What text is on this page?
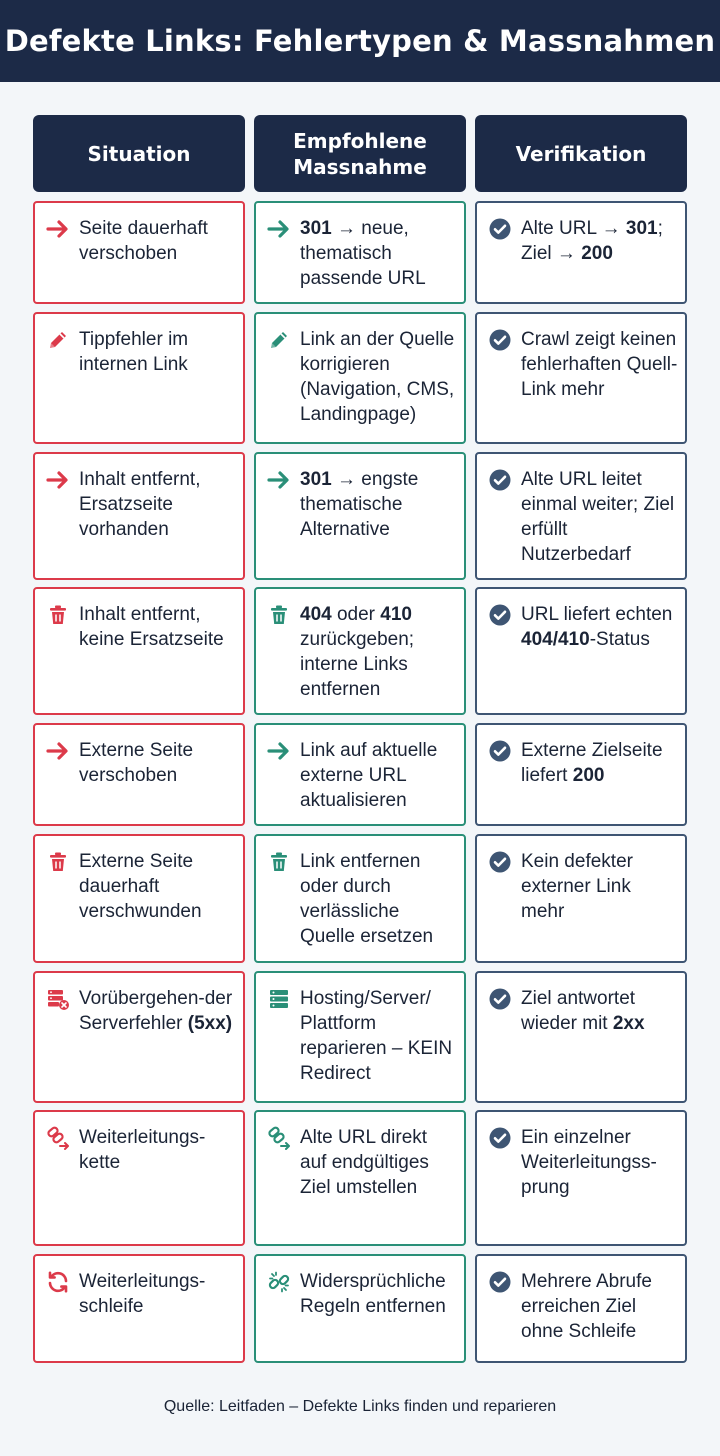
Defekte Links: Fehlertypen & Massnahmen
Situation
Empfohlene Massnahme
Verifikation
Seite dauerhaft verschoben
301 → neue, thematisch passende URL
Alte URL → 301; Ziel → 200
Tippfehler im internen Link
Link an der Quelle korrigieren (Navigation, CMS, Landingpage)
Crawl zeigt keinen fehlerhaften Quell-Link mehr
Inhalt entfernt, Ersatzseite vorhanden
301 → engste thematische Alternative
Alte URL leitet einmal weiter; Ziel erfüllt Nutzerbedarf
Inhalt entfernt, keine Ersatzseite
404 oder 410 zurückgeben; interne Links entfernen
URL liefert echten 404/410-Status
Externe Seite verschoben
Link auf aktuelle externe URL aktualisieren
Externe Zielseite liefert 200
Externe Seite dauerhaft verschwunden
Link entfernen oder durch verlässliche Quelle ersetzen
Kein defekter externer Link mehr
Vorübergehen-der Serverfehler (5xx)
Hosting/Server/ Plattform reparieren – KEIN Redirect
Ziel antwortet wieder mit 2xx
Weiterleitungs-kette
Alte URL direkt auf endgültiges Ziel umstellen
Ein einzelner Weiterleitungss-prung
Weiterleitungs-schleife
Widersprüchliche Regeln entfernen
Mehrere Abrufe erreichen Ziel ohne Schleife
Quelle: Leitfaden – Defekte Links finden und reparieren
